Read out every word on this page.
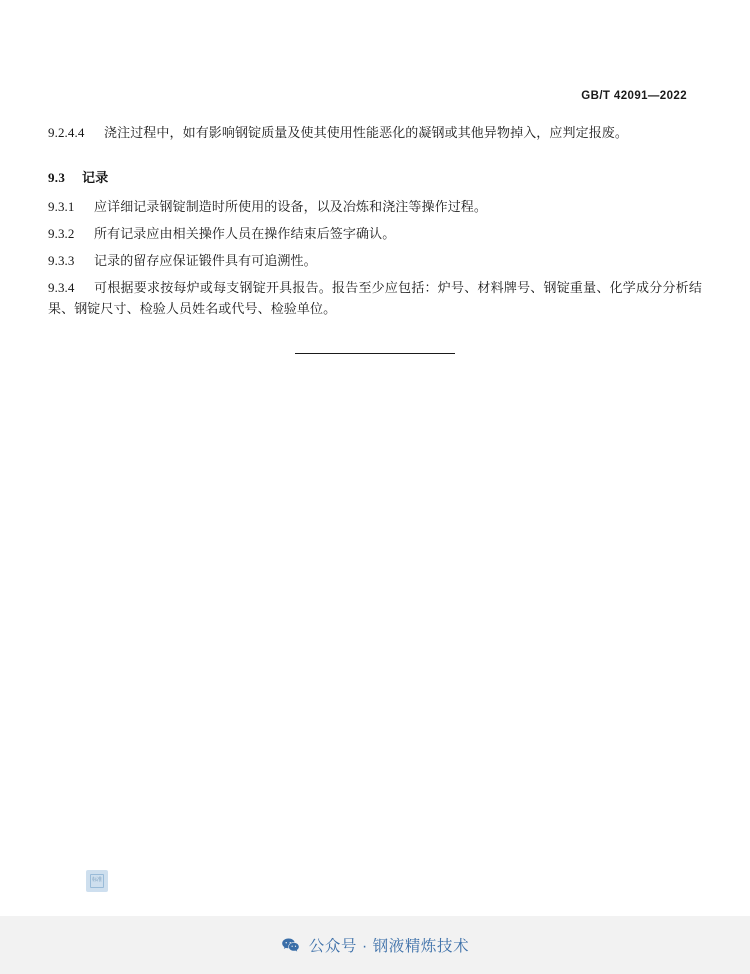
GB/T 42091—2022

9.2.4.4 浇注过程中，如有影响钢锭质量及使其使用性能恶化的凝钢或其他异物掉入，应判定报废。

9.3 记录

9.3.1 应详细记录钢锭制造时所使用的设备，以及冶炼和浇注等操作过程。

9.3.2 所有记录应由相关操作人员在操作结束后签字确认。

9.3.3 记录的留存应保证锻件具有可追溯性。

9.3.4 可根据要求按每炉或每支钢锭开具报告。报告至少应包括：炉号、材料牌号、钢锭重量、化学成分分析结果、钢锭尺寸、检验人员姓名或代号、检验单位。

标准
公众号 · 钢液精炼技术
